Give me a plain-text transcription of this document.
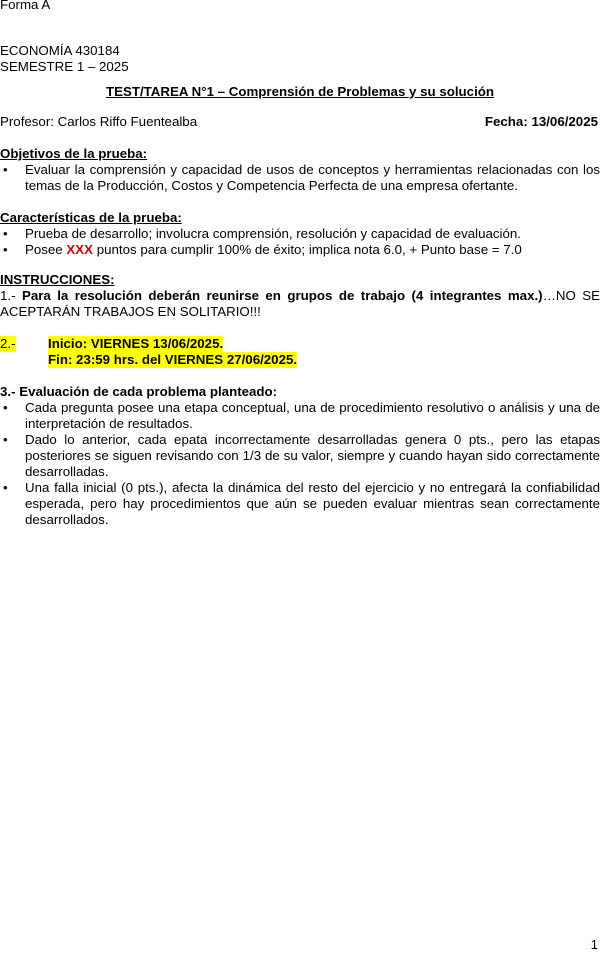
Forma A
ECONOMÍA 430184
SEMESTRE 1 – 2025
TEST/TAREA N°1 – Comprensión de Problemas y su solución
Profesor: Carlos Riffo Fuentealba	Fecha: 13/06/2025
Objetivos de la prueba:
• Evaluar la comprensión y capacidad de usos de conceptos y herramientas relacionadas con los temas de la Producción, Costos y Competencia Perfecta de una empresa ofertante.
Características de la prueba:
• Prueba de desarrollo; involucra comprensión, resolución y capacidad de evaluación.
• Posee XXX puntos para cumplir 100% de éxito; implica nota 6.0, + Punto base = 7.0
INSTRUCCIONES:
1.- Para la resolución deberán reunirse en grupos de trabajo (4 integrantes max.)…NO SE
ACEPTARÁN TRABAJOS EN SOLITARIO!!!
2.- Inicio: VIERNES 13/06/2025.
Fin: 23:59 hrs. del VIERNES 27/06/2025.
3.- Evaluación de cada problema planteado:
• Cada pregunta posee una etapa conceptual, una de procedimiento resolutivo o análisis y una de interpretación de resultados.
• Dado lo anterior, cada epata incorrectamente desarrolladas genera 0 pts., pero las etapas posteriores se siguen revisando con 1/3 de su valor, siempre y cuando hayan sido correctamente desarrolladas.
• Una falla inicial (0 pts.), afecta la dinámica del resto del ejercicio y no entregará la confiabilidad esperada, pero hay procedimientos que aún se pueden evaluar mientras sean correctamente desarrollados.
1
